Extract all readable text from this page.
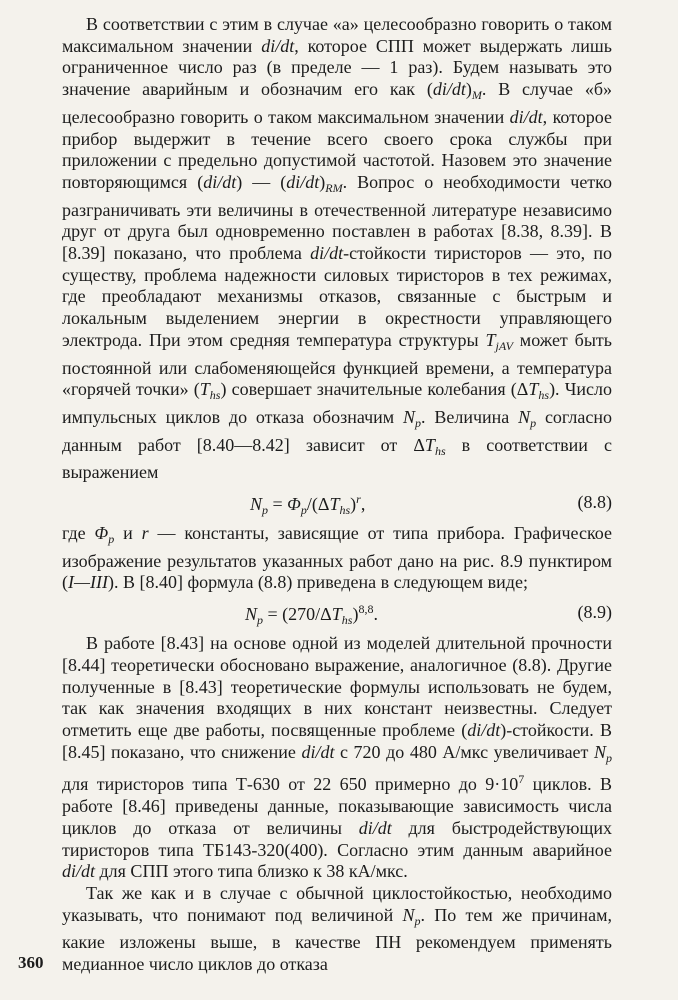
В соответствии с этим в случае «а» целесообразно говорить о таком максимальном значении di/dt, которое СПП может выдержать лишь ограниченное число раз (в пределе — 1 раз). Будем называть это значение аварийным и обозначим его как $(di/dt)_M$. В случае «б» целесообразно говорить о таком максимальном значении di/dt, которое прибор выдержит в течение всего своего срока службы при приложении с предельно допустимой частотой. Назовем это значение повторяющимся (di/dt) — $(di/dt)_{RM}$. Вопрос о необходимости четко разграничивать эти величины в отечественной литературе независимо друг от друга был одновременно поставлен в работах [8.38, 8.39]. В [8.39] показано, что проблема di/dt-стойкости тиристоров — это, по существу, проблема надежности силовых тиристоров в тех режимах, где преобладают механизмы отказов, связанные с быстрым и локальным выделением энергии в окрестности управляющего электрода. При этом средняя температура структуры $T_{jAV}$ может быть постоянной или слабоменяющейся функцией времени, а температура «горячей точки» $(T_{hs})$ совершает значительные колебания $(\Delta T_{hs})$. Число импульсных циклов до отказа обозначим $N_p$. Величина $N_p$ согласно данным работ [8.40—8.42] зависит от $\Delta T_{hs}$ в соответствии с выражением

$N_p = \Phi_p/(\Delta T_{hs})^r$,	(8.8)

где $\Phi_p$ и r — константы, зависящие от типа прибора. Графическое изображение результатов указанных работ дано на рис. 8.9 пунктиром (I—III). В [8.40] формула (8.8) приведена в следующем виде;

$N_p = (270/\Delta T_{hs})^{8,8}$.	(8.9)

В работе [8.43] на основе одной из моделей длительной прочности [8.44] теоретически обосновано выражение, аналогичное (8.8). Другие полученные в [8.43] теоретические формулы использовать не будем, так как значения входящих в них констант неизвестны. Следует отметить еще две работы, посвященные проблеме (di/dt)-стойкости. В [8.45] показано, что снижение di/dt с 720 до 480 А/мкс увеличивает $N_p$ для тиристоров типа Т-630 от 22 650 примерно до $9\cdot 10^7$ циклов. В работе [8.46] приведены данные, показывающие зависимость числа циклов до отказа от величины di/dt для быстродействующих тиристоров типа ТБ143-320(400). Согласно этим данным аварийное di/dt для СПП этого типа близко к 38 кА/мкс.

Так же как и в случае с обычной циклостойкостью, необходимо указывать, что понимают под величиной $N_p$. По тем же причинам, какие изложены выше, в качестве ПН рекомендуем применять медианное число циклов до отказа

360
